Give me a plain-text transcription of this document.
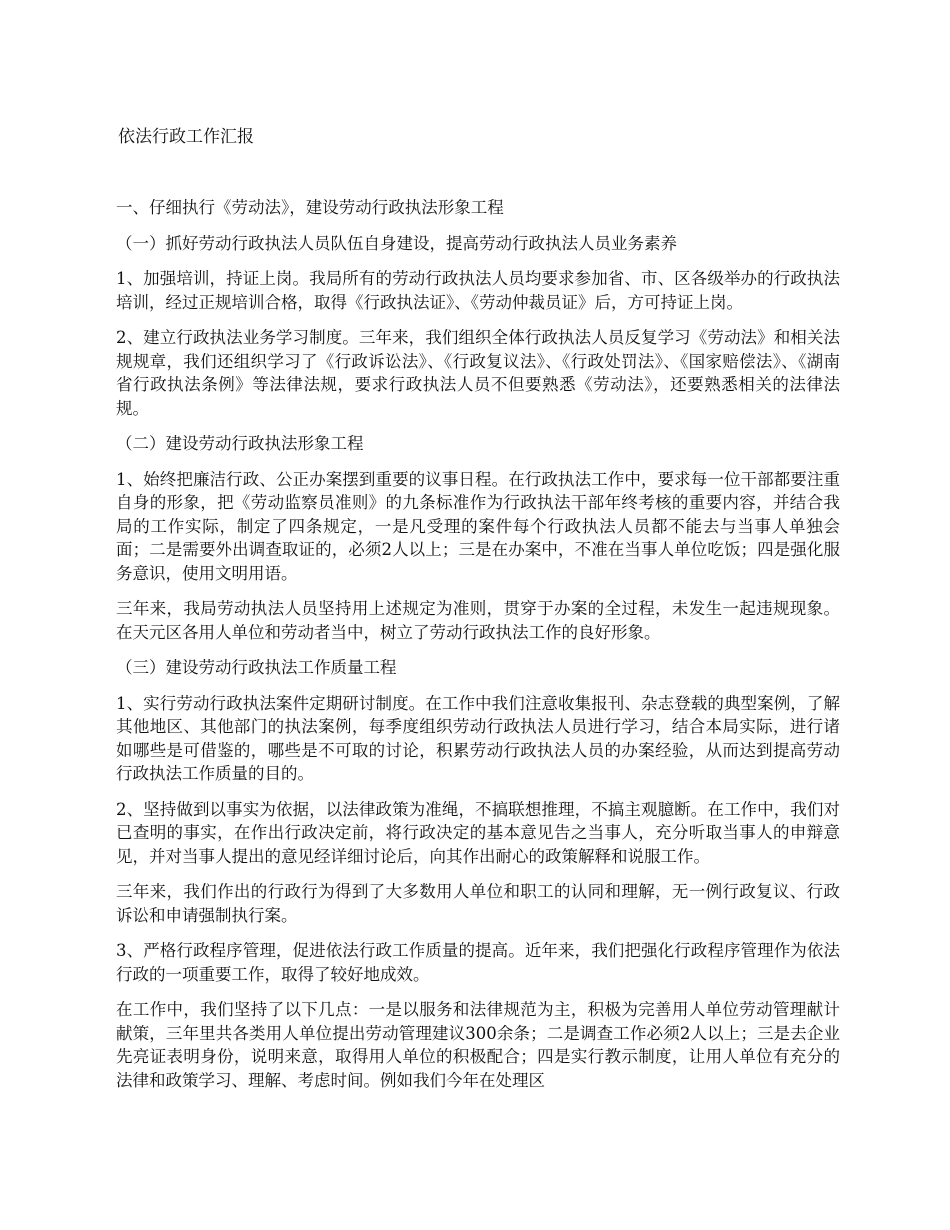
依法行政工作汇报

一、仔细执行《劳动法》，建设劳动行政执法形象工程

（一）抓好劳动行政执法人员队伍自身建设，提高劳动行政执法人员业务素养

1、加强培训，持证上岗。我局所有的劳动行政执法人员均要求参加省、市、区各级举办的行政执法培训，经过正规培训合格，取得《行政执法证》、《劳动仲裁员证》后，方可持证上岗。

2、建立行政执法业务学习制度。三年来，我们组织全体行政执法人员反复学习《劳动法》和相关法规规章，我们还组织学习了《行政诉讼法》、《行政复议法》、《行政处罚法》、《国家赔偿法》、《湖南省行政执法条例》等法律法规，要求行政执法人员不但要熟悉《劳动法》，还要熟悉相关的法律法规。

（二）建设劳动行政执法形象工程

1、始终把廉洁行政、公正办案摆到重要的议事日程。在行政执法工作中，要求每一位干部都要注重自身的形象，把《劳动监察员准则》的九条标准作为行政执法干部年终考核的重要内容，并结合我局的工作实际，制定了四条规定，一是凡受理的案件每个行政执法人员都不能去与当事人单独会面；二是需要外出调查取证的，必须2人以上；三是在办案中，不准在当事人单位吃饭；四是强化服务意识，使用文明用语。

三年来，我局劳动执法人员坚持用上述规定为准则，贯穿于办案的全过程，未发生一起违规现象。在天元区各用人单位和劳动者当中，树立了劳动行政执法工作的良好形象。

（三）建设劳动行政执法工作质量工程

1、实行劳动行政执法案件定期研讨制度。在工作中我们注意收集报刊、杂志登载的典型案例，了解其他地区、其他部门的执法案例，每季度组织劳动行政执法人员进行学习，结合本局实际，进行诸如哪些是可借鉴的，哪些是不可取的讨论，积累劳动行政执法人员的办案经验，从而达到提高劳动行政执法工作质量的目的。

2、坚持做到以事实为依据，以法律政策为准绳，不搞联想推理，不搞主观臆断。在工作中，我们对已查明的事实，在作出行政决定前，将行政决定的基本意见告之当事人，充分听取当事人的申辩意见，并对当事人提出的意见经详细讨论后，向其作出耐心的政策解释和说服工作。

三年来，我们作出的行政行为得到了大多数用人单位和职工的认同和理解，无一例行政复议、行政诉讼和申请强制执行案。

3、严格行政程序管理，促进依法行政工作质量的提高。近年来，我们把强化行政程序管理作为依法行政的一项重要工作，取得了较好地成效。

在工作中，我们坚持了以下几点：一是以服务和法律规范为主，积极为完善用人单位劳动管理献计献策，三年里共各类用人单位提出劳动管理建议300余条；二是调查工作必须2人以上；三是去企业先亮证表明身份，说明来意，取得用人单位的积极配合；四是实行教示制度，让用人单位有充分的法律和政策学习、理解、考虑时间。例如我们今年在处理区
